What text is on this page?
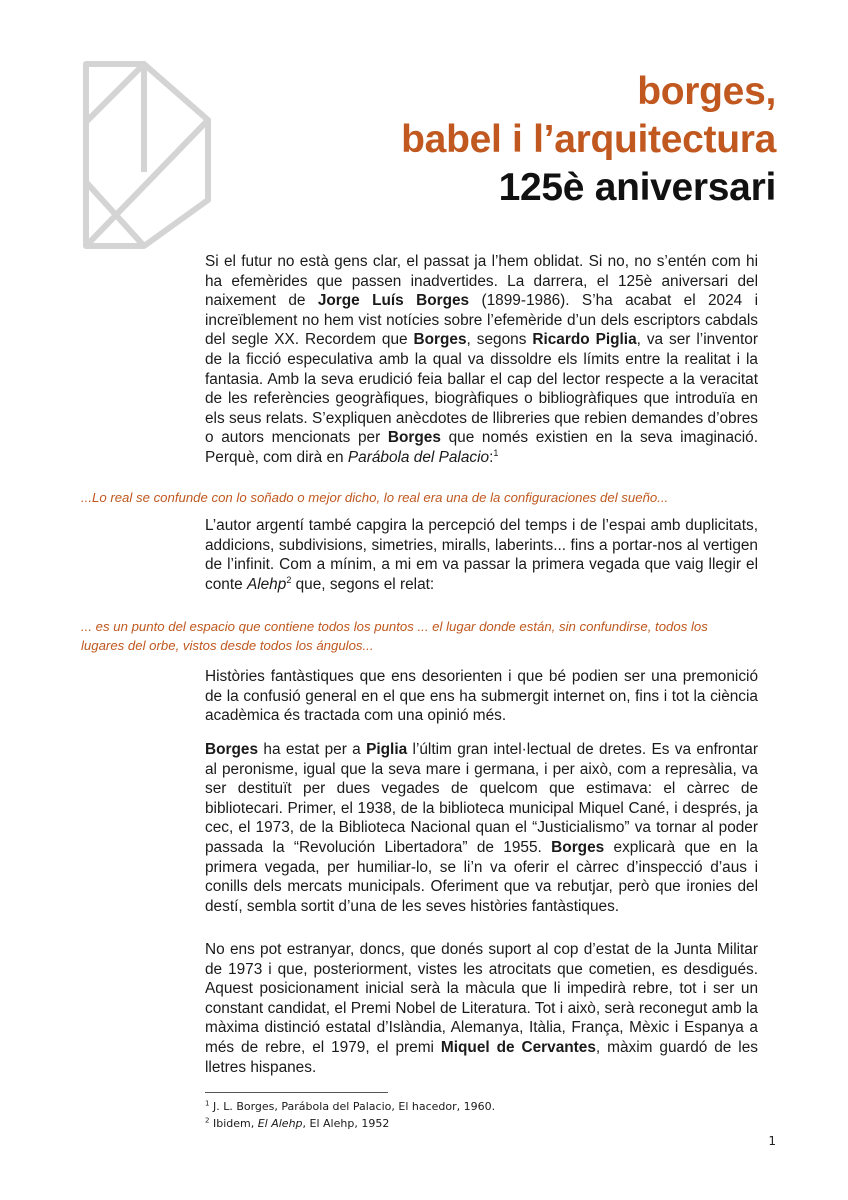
borges,
babel i l’arquitectura
125è aniversari

Si el futur no està gens clar, el passat ja l’hem oblidat. Si no, no s’entén com hi ha efemèrides que passen inadvertides. La darrera, el 125è aniversari del naixement de Jorge Luís Borges (1899-1986). S’ha acabat el 2024 i increïblement no hem vist notícies sobre l’efemèride d’un dels escriptors cabdals del segle XX. Recordem que Borges, segons Ricardo Piglia, va ser l’inventor de la ficció especulativa amb la qual va dissoldre els límits entre la realitat i la fantasia. Amb la seva erudició feia ballar el cap del lector respecte a la veracitat de les referències geogràfiques, biogràfiques o bibliogràfiques que introduïa en els seus relats. S’expliquen anècdotes de llibreries que rebien demandes d’obres o autors mencionats per Borges que només existien en la seva imaginació. Perquè, com dirà en Parábola del Palacio:$^1$

...Lo real se confunde con lo soñado o mejor dicho, lo real era una de la configuraciones del sueño...

L’autor argentí també capgira la percepció del temps i de l’espai amb duplicitats, addicions, subdivisions, simetries, miralls, laberints... fins a portar-nos al vertigen de l’infinit. Com a mínim, a mi em va passar la primera vegada que vaig llegir el conte Alehp$^2$ que, segons el relat:

... es un punto del espacio que contiene todos los puntos ... el lugar donde están, sin confundirse, todos los lugares del orbe, vistos desde todos los ángulos...

Històries fantàstiques que ens desorienten i que bé podien ser una premonició de la confusió general en el que ens ha submergit internet on, fins i tot la ciència acadèmica és tractada com una opinió més.

Borges ha estat per a Piglia l’últim gran intel·lectual de dretes. Es va enfrontar al peronisme, igual que la seva mare i germana, i per això, com a represàlia, va ser destituït per dues vegades de quelcom que estimava: el càrrec de bibliotecari. Primer, el 1938, de la biblioteca municipal Miquel Cané, i després, ja cec, el 1973, de la Biblioteca Nacional quan el “Justicialismo” va tornar al poder passada la “Revolución Libertadora” de 1955. Borges explicarà que en la primera vegada, per humiliar-lo, se li’n va oferir el càrrec d’inspecció d’aus i conills dels mercats municipals. Oferiment que va rebutjar, però que ironies del destí, sembla sortit d’una de les seves històries fantàstiques.

No ens pot estranyar, doncs, que donés suport al cop d’estat de la Junta Militar de 1973 i que, posteriorment, vistes les atrocitats que cometien, es desdigués. Aquest posicionament inicial serà la màcula que li impedirà rebre, tot i ser un constant candidat, el Premi Nobel de Literatura. Tot i això, serà reconegut amb la màxima distinció estatal d’Islàndia, Alemanya, Itàlia, França, Mèxic i Espanya a més de rebre, el 1979, el premi Miquel de Cervantes, màxim guardó de les lletres hispanes.

$^1$ J. L. Borges, Parábola del Palacio, El hacedor, 1960.
$^2$ Ibidem, El Alehp, El Alehp, 1952
1
